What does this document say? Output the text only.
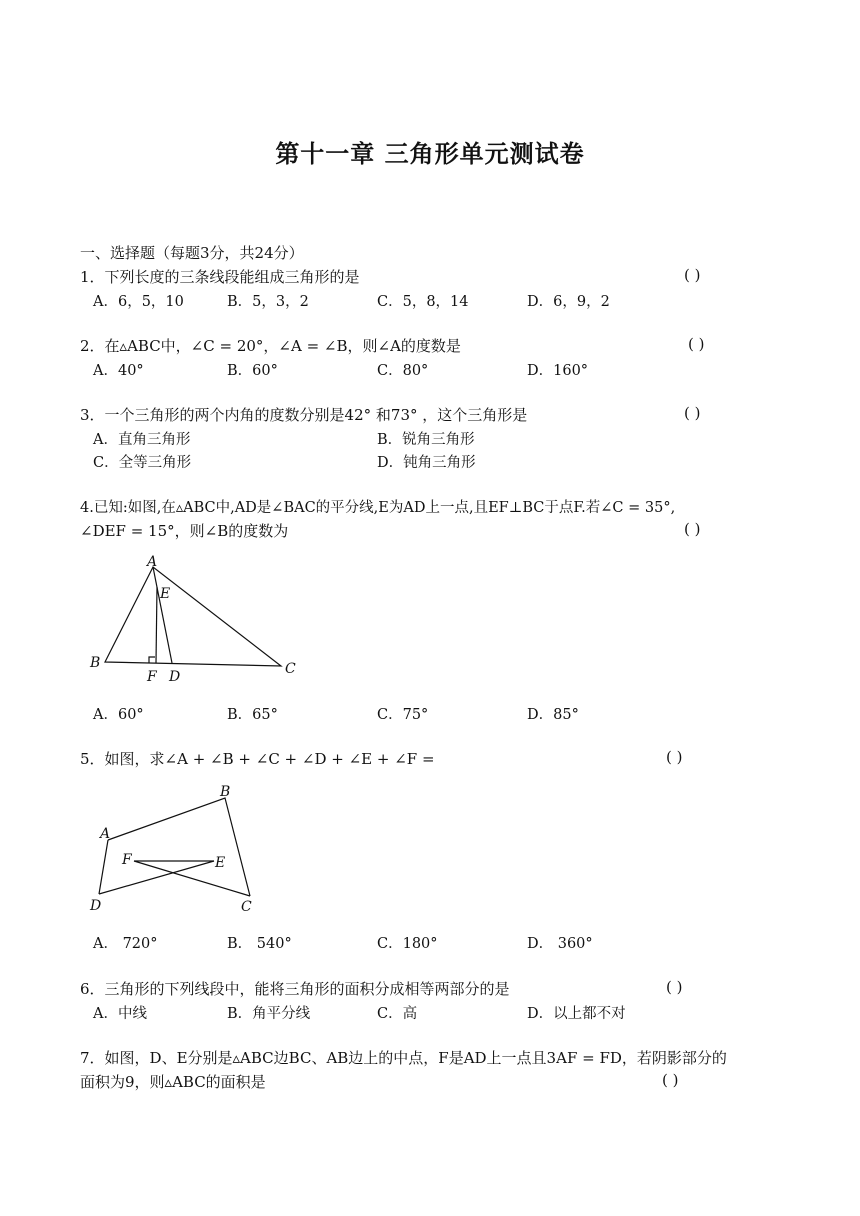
第十一章 三角形单元测试卷
一、选择题（每题3分，共24分）
1．下列长度的三条线段能组成三角形的是	( )
A．6，5，10	B．5，3，2	C．5，8，14	D．6，9，2
2．在▵ABC中，∠C = 20°，∠A = ∠B，则∠A的度数是	( )
A．40°	B．60°	C．80°	D．160°
3．一个三角形的两个内角的度数分别是42° 和73° ，这个三角形是	( )
A．直角三角形	B．锐角三角形
C．全等三角形	D．钝角三角形
4.已知:如图,在▵ABC中,AD是∠BAC的平分线,E为AD上一点,且EF⊥BC于点F.若∠C = 35°,
∠DEF = 15°，则∠B的度数为	( )
A
B	C
D
E
F
A．60°	B．65°	C．75°	D．85°
5．如图，求∠A + ∠B + ∠C + ∠D + ∠E + ∠F =	( )
A
B
C
D
E
F
A． 720°	B． 540°	C．180°	D． 360°
6．三角形的下列线段中，能将三角形的面积分成相等两部分的是	( )
A．中线	B．角平分线	C．高	D．以上都不对
7．如图，D、E分别是▵ABC边BC、AB边上的中点，F是AD上一点且3AF = FD，若阴影部分的
面积为9，则▵ABC的面积是	( )
